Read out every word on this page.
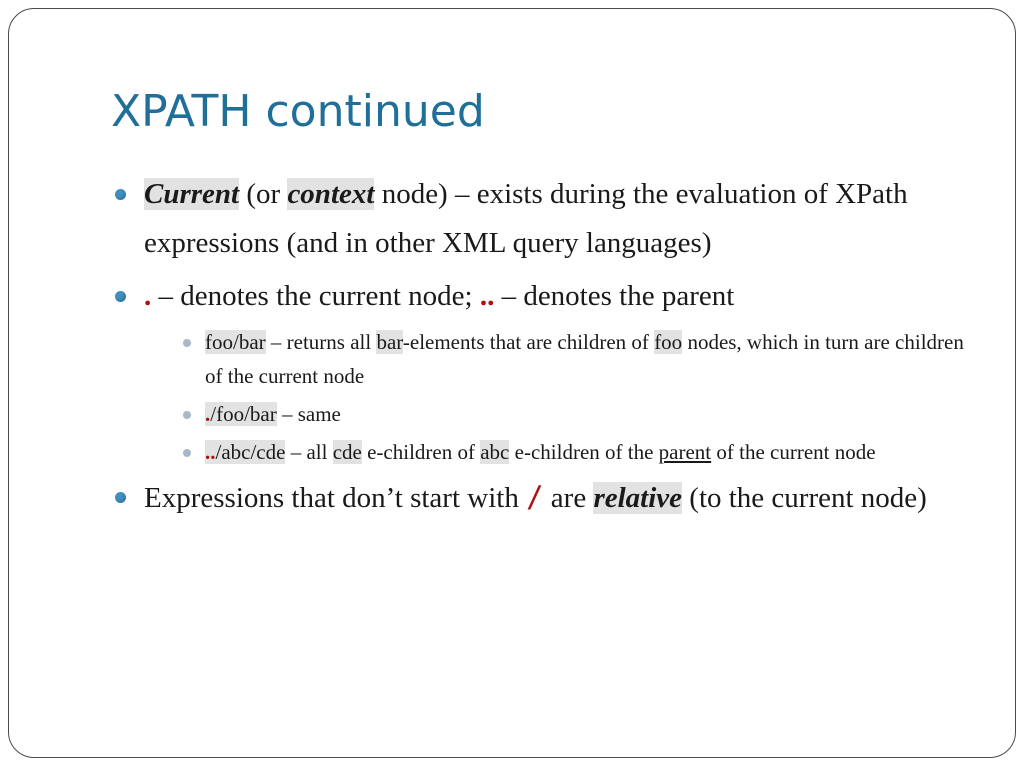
XPATH continued
Current (or context node) – exists during the evaluation of XPath expressions (and in other XML query languages)
. – denotes the current node; .. – denotes the parent
foo/bar – returns all bar-elements that are children of foo nodes, which in turn are children of the current node
./foo/bar – same
../abc/cde – all cde e-children of abc e-children of the parent of the current node
Expressions that don’t start with / are relative (to the current node)
